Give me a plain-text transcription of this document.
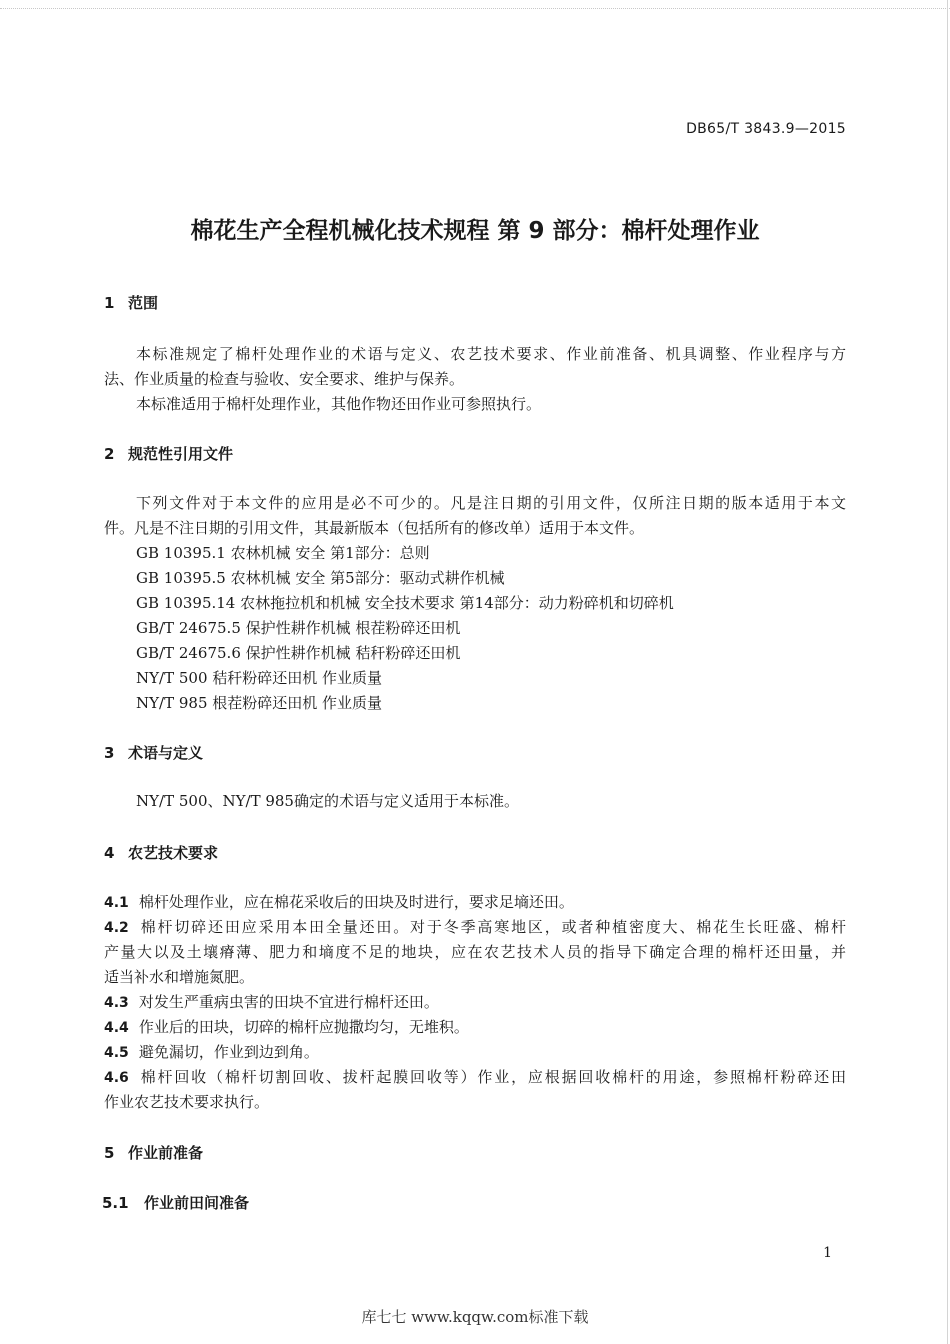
DB65/T 3843.9—2015
棉花生产全程机械化技术规程 第 9 部分：棉杆处理作业
1 范围
本标准规定了棉杆处理作业的术语与定义、农艺技术要求、作业前准备、机具调整、作业程序与方
法、作业质量的检查与验收、安全要求、维护与保养。
本标准适用于棉杆处理作业，其他作物还田作业可参照执行。
2 规范性引用文件
下列文件对于本文件的应用是必不可少的。凡是注日期的引用文件，仅所注日期的版本适用于本文
件。凡是不注日期的引用文件，其最新版本（包括所有的修改单）适用于本文件。
GB 10395.1 农林机械 安全 第1部分：总则
GB 10395.5 农林机械 安全 第5部分：驱动式耕作机械
GB 10395.14 农林拖拉机和机械 安全技术要求 第14部分：动力粉碎机和切碎机
GB/T 24675.5 保护性耕作机械 根茬粉碎还田机
GB/T 24675.6 保护性耕作机械 秸秆粉碎还田机
NY/T 500 秸秆粉碎还田机 作业质量
NY/T 985 根茬粉碎还田机 作业质量
3 术语与定义
NY/T 500、NY/T 985确定的术语与定义适用于本标准。
4 农艺技术要求
4.1 棉杆处理作业，应在棉花采收后的田块及时进行，要求足墒还田。
4.2 棉杆切碎还田应采用本田全量还田。对于冬季高寒地区，或者种植密度大、棉花生长旺盛、棉杆
产量大以及土壤瘠薄、肥力和墒度不足的地块，应在农艺技术人员的指导下确定合理的棉杆还田量，并
适当补水和增施氮肥。
4.3 对发生严重病虫害的田块不宜进行棉杆还田。
4.4 作业后的田块，切碎的棉杆应抛撒均匀，无堆积。
4.5 避免漏切，作业到边到角。
4.6 棉杆回收（棉杆切割回收、拔杆起膜回收等）作业，应根据回收棉杆的用途，参照棉杆粉碎还田
作业农艺技术要求执行。
5 作业前准备
5.1 作业前田间准备
1
库七七 www.kqqw.com标准下载
